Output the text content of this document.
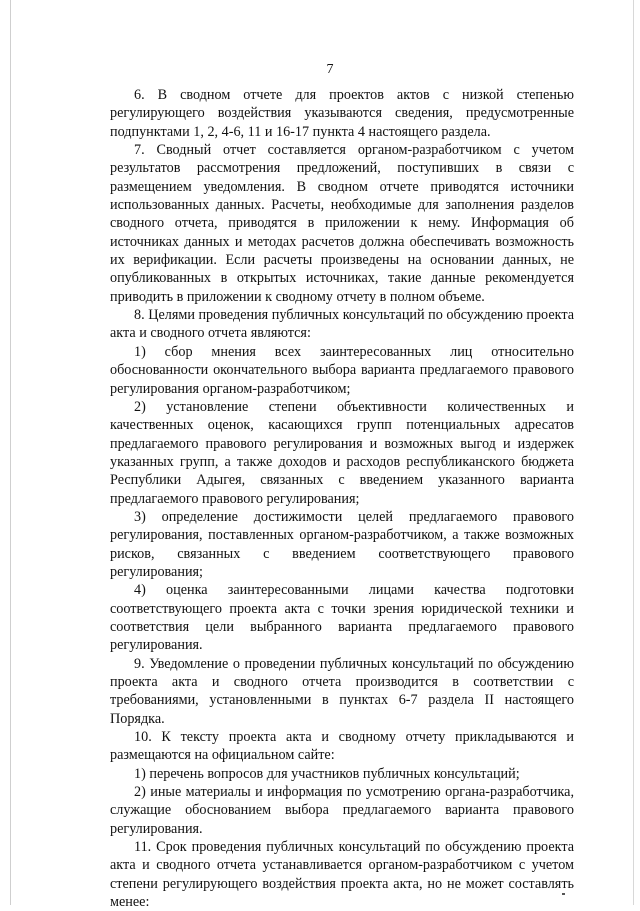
7

6. В сводном отчете для проектов актов с низкой степенью регулирующего воздействия указываются сведения, предусмотренные подпунктами 1, 2, 4-6, 11 и 16-17 пункта 4 настоящего раздела.

7. Сводный отчет составляется органом-разработчиком с учетом результатов рассмотрения предложений, поступивших в связи с размещением уведомления. В сводном отчете приводятся источники использованных данных. Расчеты, необходимые для заполнения разделов сводного отчета, приводятся в приложении к нему. Информация об источниках данных и методах расчетов должна обеспечивать возможность их верификации. Если расчеты произведены на основании данных, не опубликованных в открытых источниках, такие данные рекомендуется приводить в приложении к сводному отчету в полном объеме.

8. Целями проведения публичных консультаций по обсуждению проекта акта и сводного отчета являются:

1) сбор мнения всех заинтересованных лиц относительно обоснованности окончательного выбора варианта предлагаемого правового регулирования органом-разработчиком;

2) установление степени объективности количественных и качественных оценок, касающихся групп потенциальных адресатов предлагаемого правового регулирования и возможных выгод и издержек указанных групп, а также доходов и расходов республиканского бюджета Республики Адыгея, связанных с введением указанного варианта предлагаемого правового регулирования;

3) определение достижимости целей предлагаемого правового регулирования, поставленных органом-разработчиком, а также возможных рисков, связанных с введением соответствующего правового регулирования;

4) оценка заинтересованными лицами качества подготовки соответствующего проекта акта с точки зрения юридической техники и соответствия цели выбранного варианта предлагаемого правового регулирования.

9. Уведомление о проведении публичных консультаций по обсуждению проекта акта и сводного отчета производится в соответствии с требованиями, установленными в пунктах 6-7 раздела II настоящего Порядка.

10. К тексту проекта акта и сводному отчету прикладываются и размещаются на официальном сайте:

1) перечень вопросов для участников публичных консультаций;

2) иные материалы и информация по усмотрению органа-разработчика, служащие обоснованием выбора предлагаемого варианта правового регулирования.

11. Срок проведения публичных консультаций по обсуждению проекта акта и сводного отчета устанавливается органом-разработчиком с учетом степени регулирующего воздействия проекта акта, но не может составлять менее:
